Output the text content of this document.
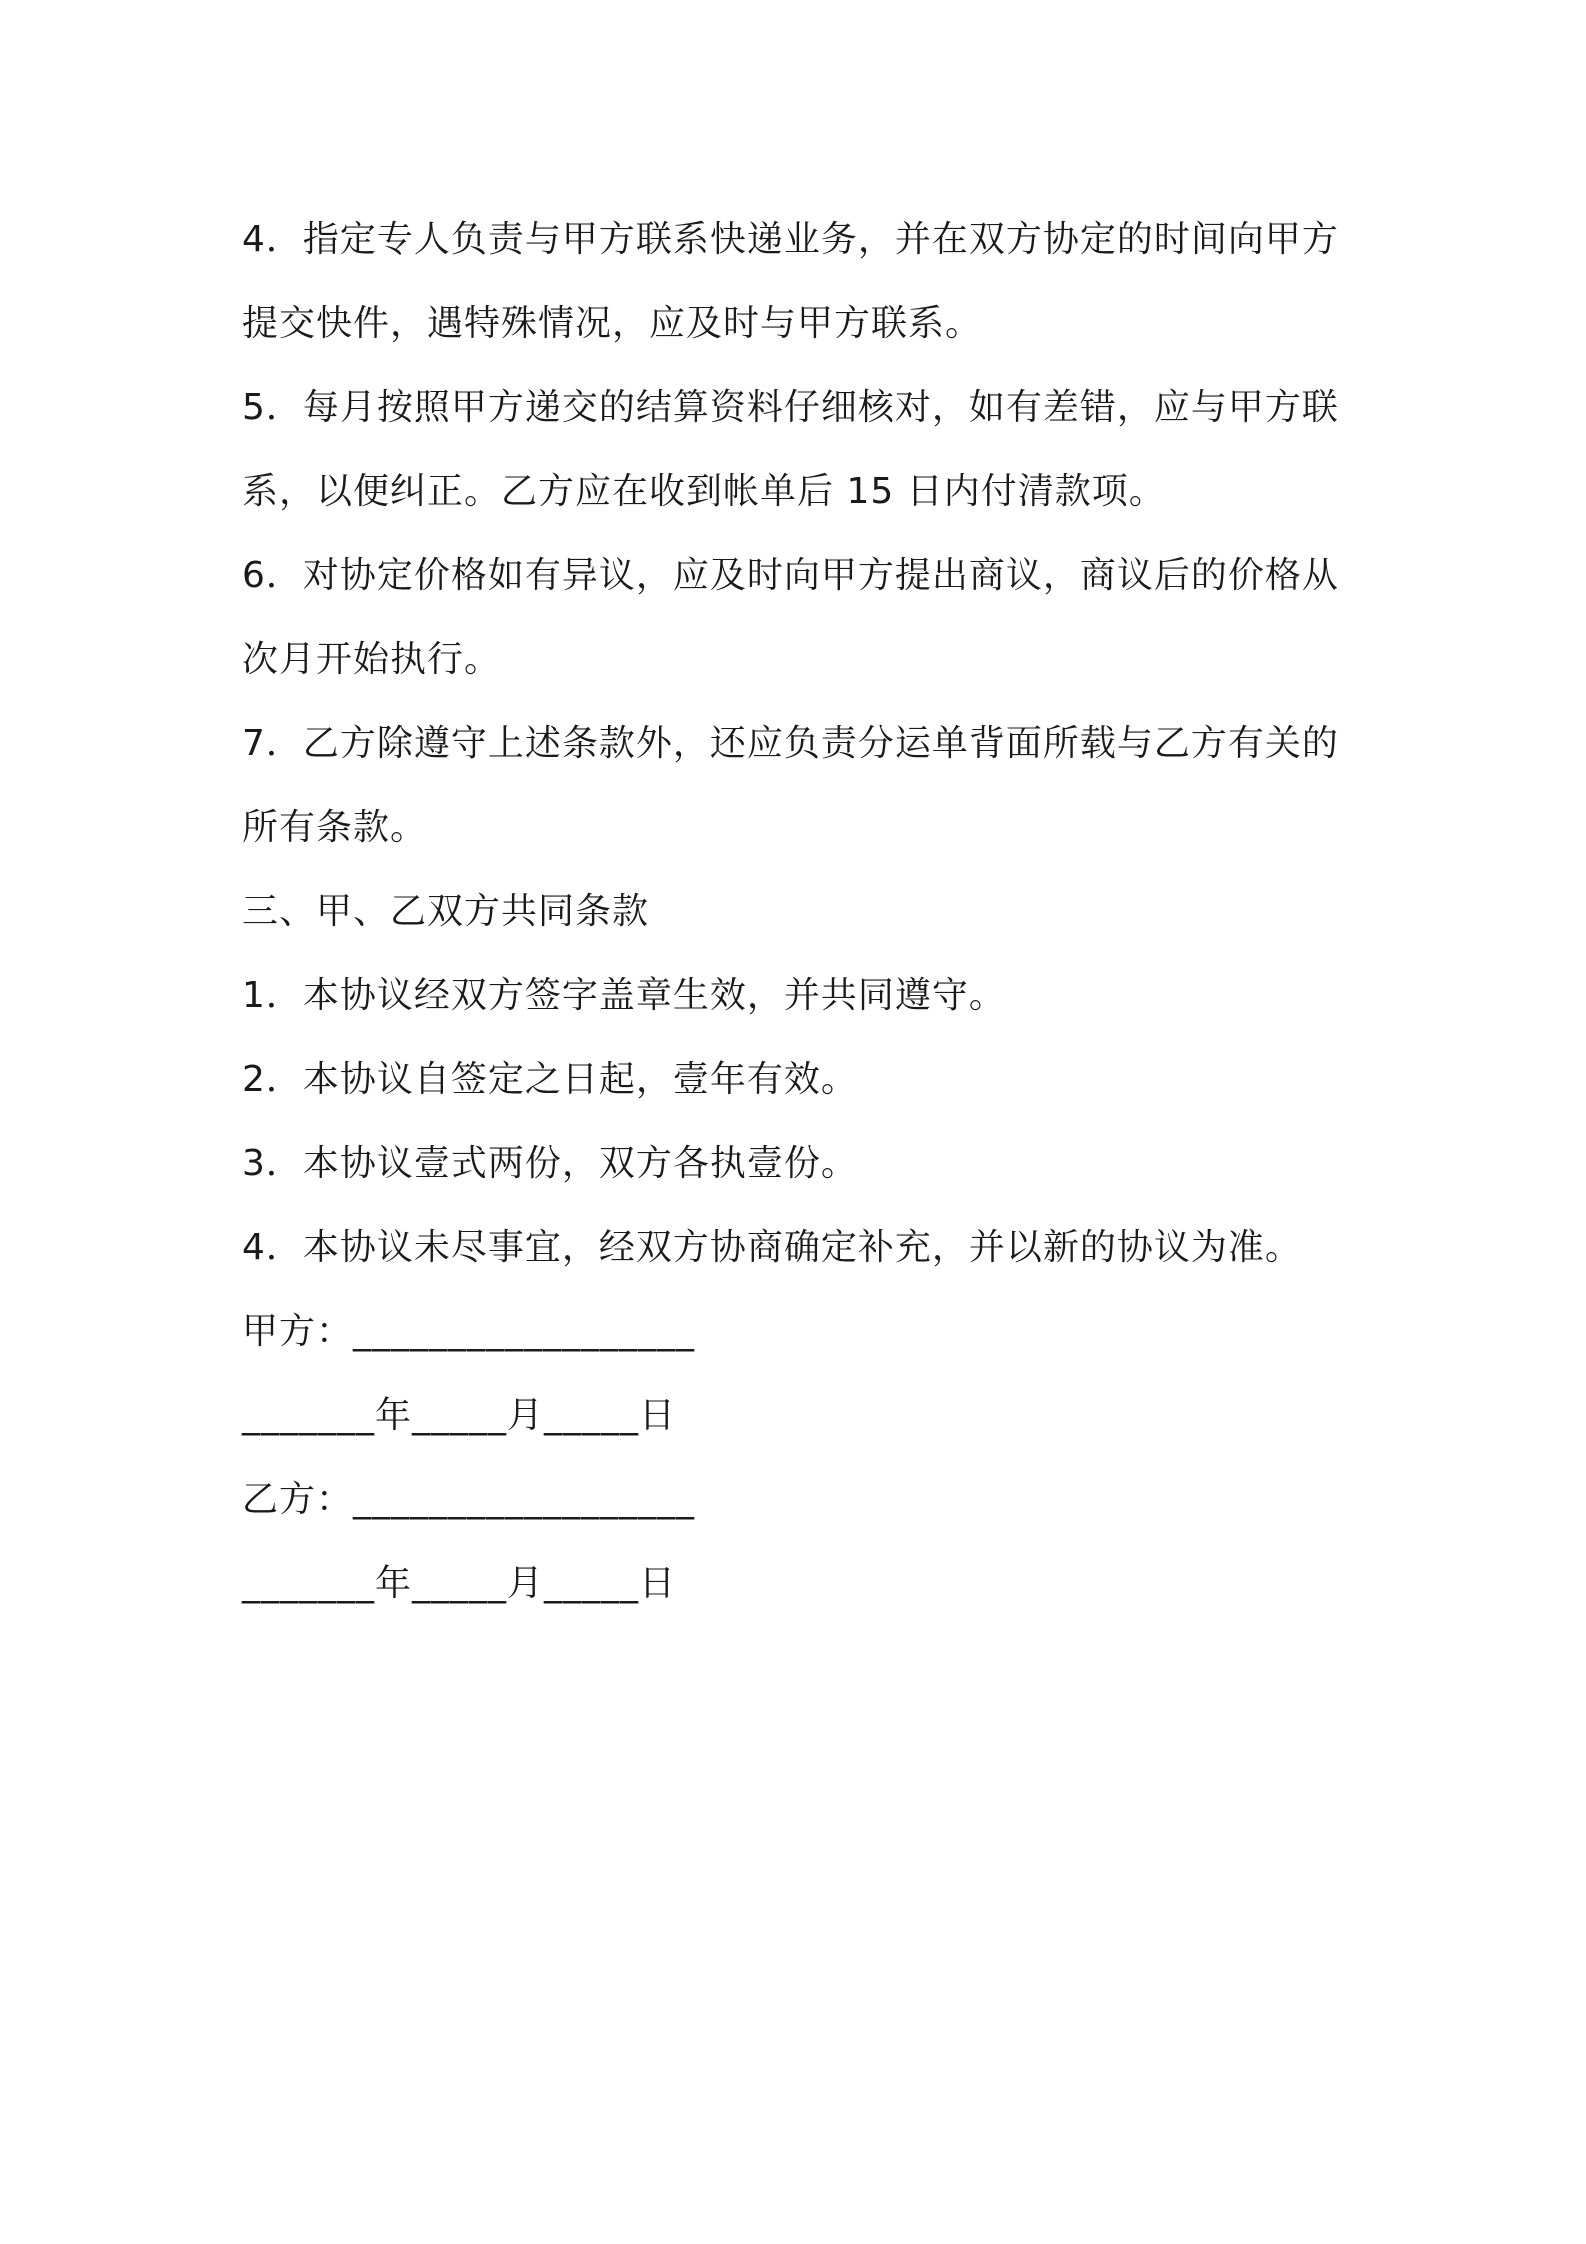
4．指定专人负责与甲方联系快递业务，并在双方协定的时间向甲方
提交快件，遇特殊情况，应及时与甲方联系。
5．每月按照甲方递交的结算资料仔细核对，如有差错，应与甲方联
系，以便纠正。乙方应在收到帐单后 15 日内付清款项。
6．对协定价格如有异议，应及时向甲方提出商议，商议后的价格从
次月开始执行。
7．乙方除遵守上述条款外，还应负责分运单背面所载与乙方有关的
所有条款。
三、甲、乙双方共同条款
1．本协议经双方签字盖章生效，并共同遵守。
2．本协议自签定之日起，壹年有效。
3．本协议壹式两份，双方各执壹份。
4．本协议未尽事宜，经双方协商确定补充，并以新的协议为准。
甲方：__________________
_______年_____月_____日
乙方：__________________
_______年_____月_____日
